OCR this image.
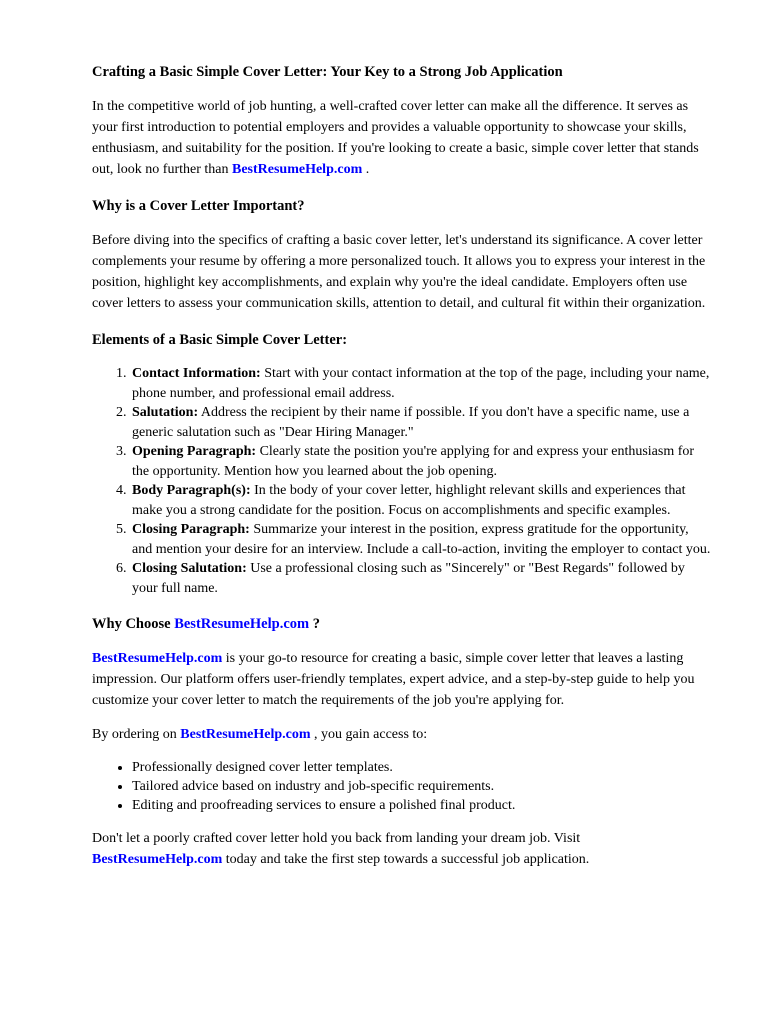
Crafting a Basic Simple Cover Letter: Your Key to a Strong Job Application

In the competitive world of job hunting, a well-crafted cover letter can make all the difference. It serves as your first introduction to potential employers and provides a valuable opportunity to showcase your skills, enthusiasm, and suitability for the position. If you're looking to create a basic, simple cover letter that stands out, look no further than BestResumeHelp.com .

Why is a Cover Letter Important?

Before diving into the specifics of crafting a basic cover letter, let's understand its significance. A cover letter complements your resume by offering a more personalized touch. It allows you to express your interest in the position, highlight key accomplishments, and explain why you're the ideal candidate. Employers often use cover letters to assess your communication skills, attention to detail, and cultural fit within their organization.

Elements of a Basic Simple Cover Letter:
1. Contact Information: Start with your contact information at the top of the page, including your name, phone number, and professional email address.
2. Salutation: Address the recipient by their name if possible. If you don't have a specific name, use a generic salutation such as "Dear Hiring Manager."
3. Opening Paragraph: Clearly state the position you're applying for and express your enthusiasm for the opportunity. Mention how you learned about the job opening.
4. Body Paragraph(s): In the body of your cover letter, highlight relevant skills and experiences that make you a strong candidate for the position. Focus on accomplishments and specific examples.
5. Closing Paragraph: Summarize your interest in the position, express gratitude for the opportunity, and mention your desire for an interview. Include a call-to-action, inviting the employer to contact you.
6. Closing Salutation: Use a professional closing such as "Sincerely" or "Best Regards" followed by your full name.
Why Choose BestResumeHelp.com ?

BestResumeHelp.com is your go-to resource for creating a basic, simple cover letter that leaves a lasting impression. Our platform offers user-friendly templates, expert advice, and a step-by-step guide to help you customize your cover letter to match the requirements of the job you're applying for.

By ordering on BestResumeHelp.com , you gain access to:

• Professionally designed cover letter templates.
• Tailored advice based on industry and job-specific requirements.
• Editing and proofreading services to ensure a polished final product.

Don't let a poorly crafted cover letter hold you back from landing your dream job. Visit BestResumeHelp.com today and take the first step towards a successful job application.
